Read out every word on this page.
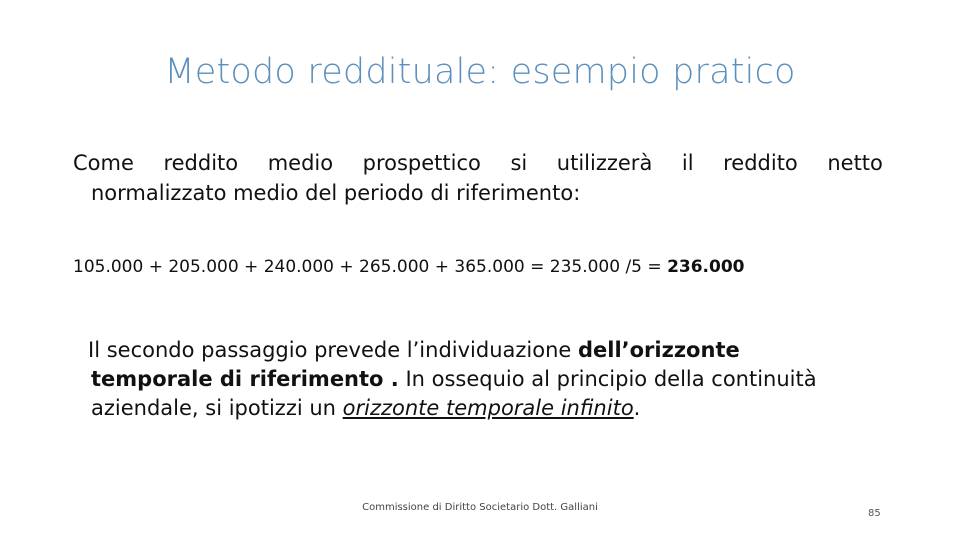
Metodo reddituale: esempio pratico
Come reddito medio prospettico si utilizzerà il reddito netto
normalizzato medio del periodo di riferimento:
105.000 + 205.000 + 240.000 + 265.000 + 365.000 = 235.000 /5 = 236.000
Il secondo passaggio prevede l’individuazione dell’orizzonte
temporale di riferimento . In ossequio al principio della continuità
aziendale, si ipotizzi un orizzonte temporale infinito.
Commissione di Diritto Societario Dott. Galliani
85
